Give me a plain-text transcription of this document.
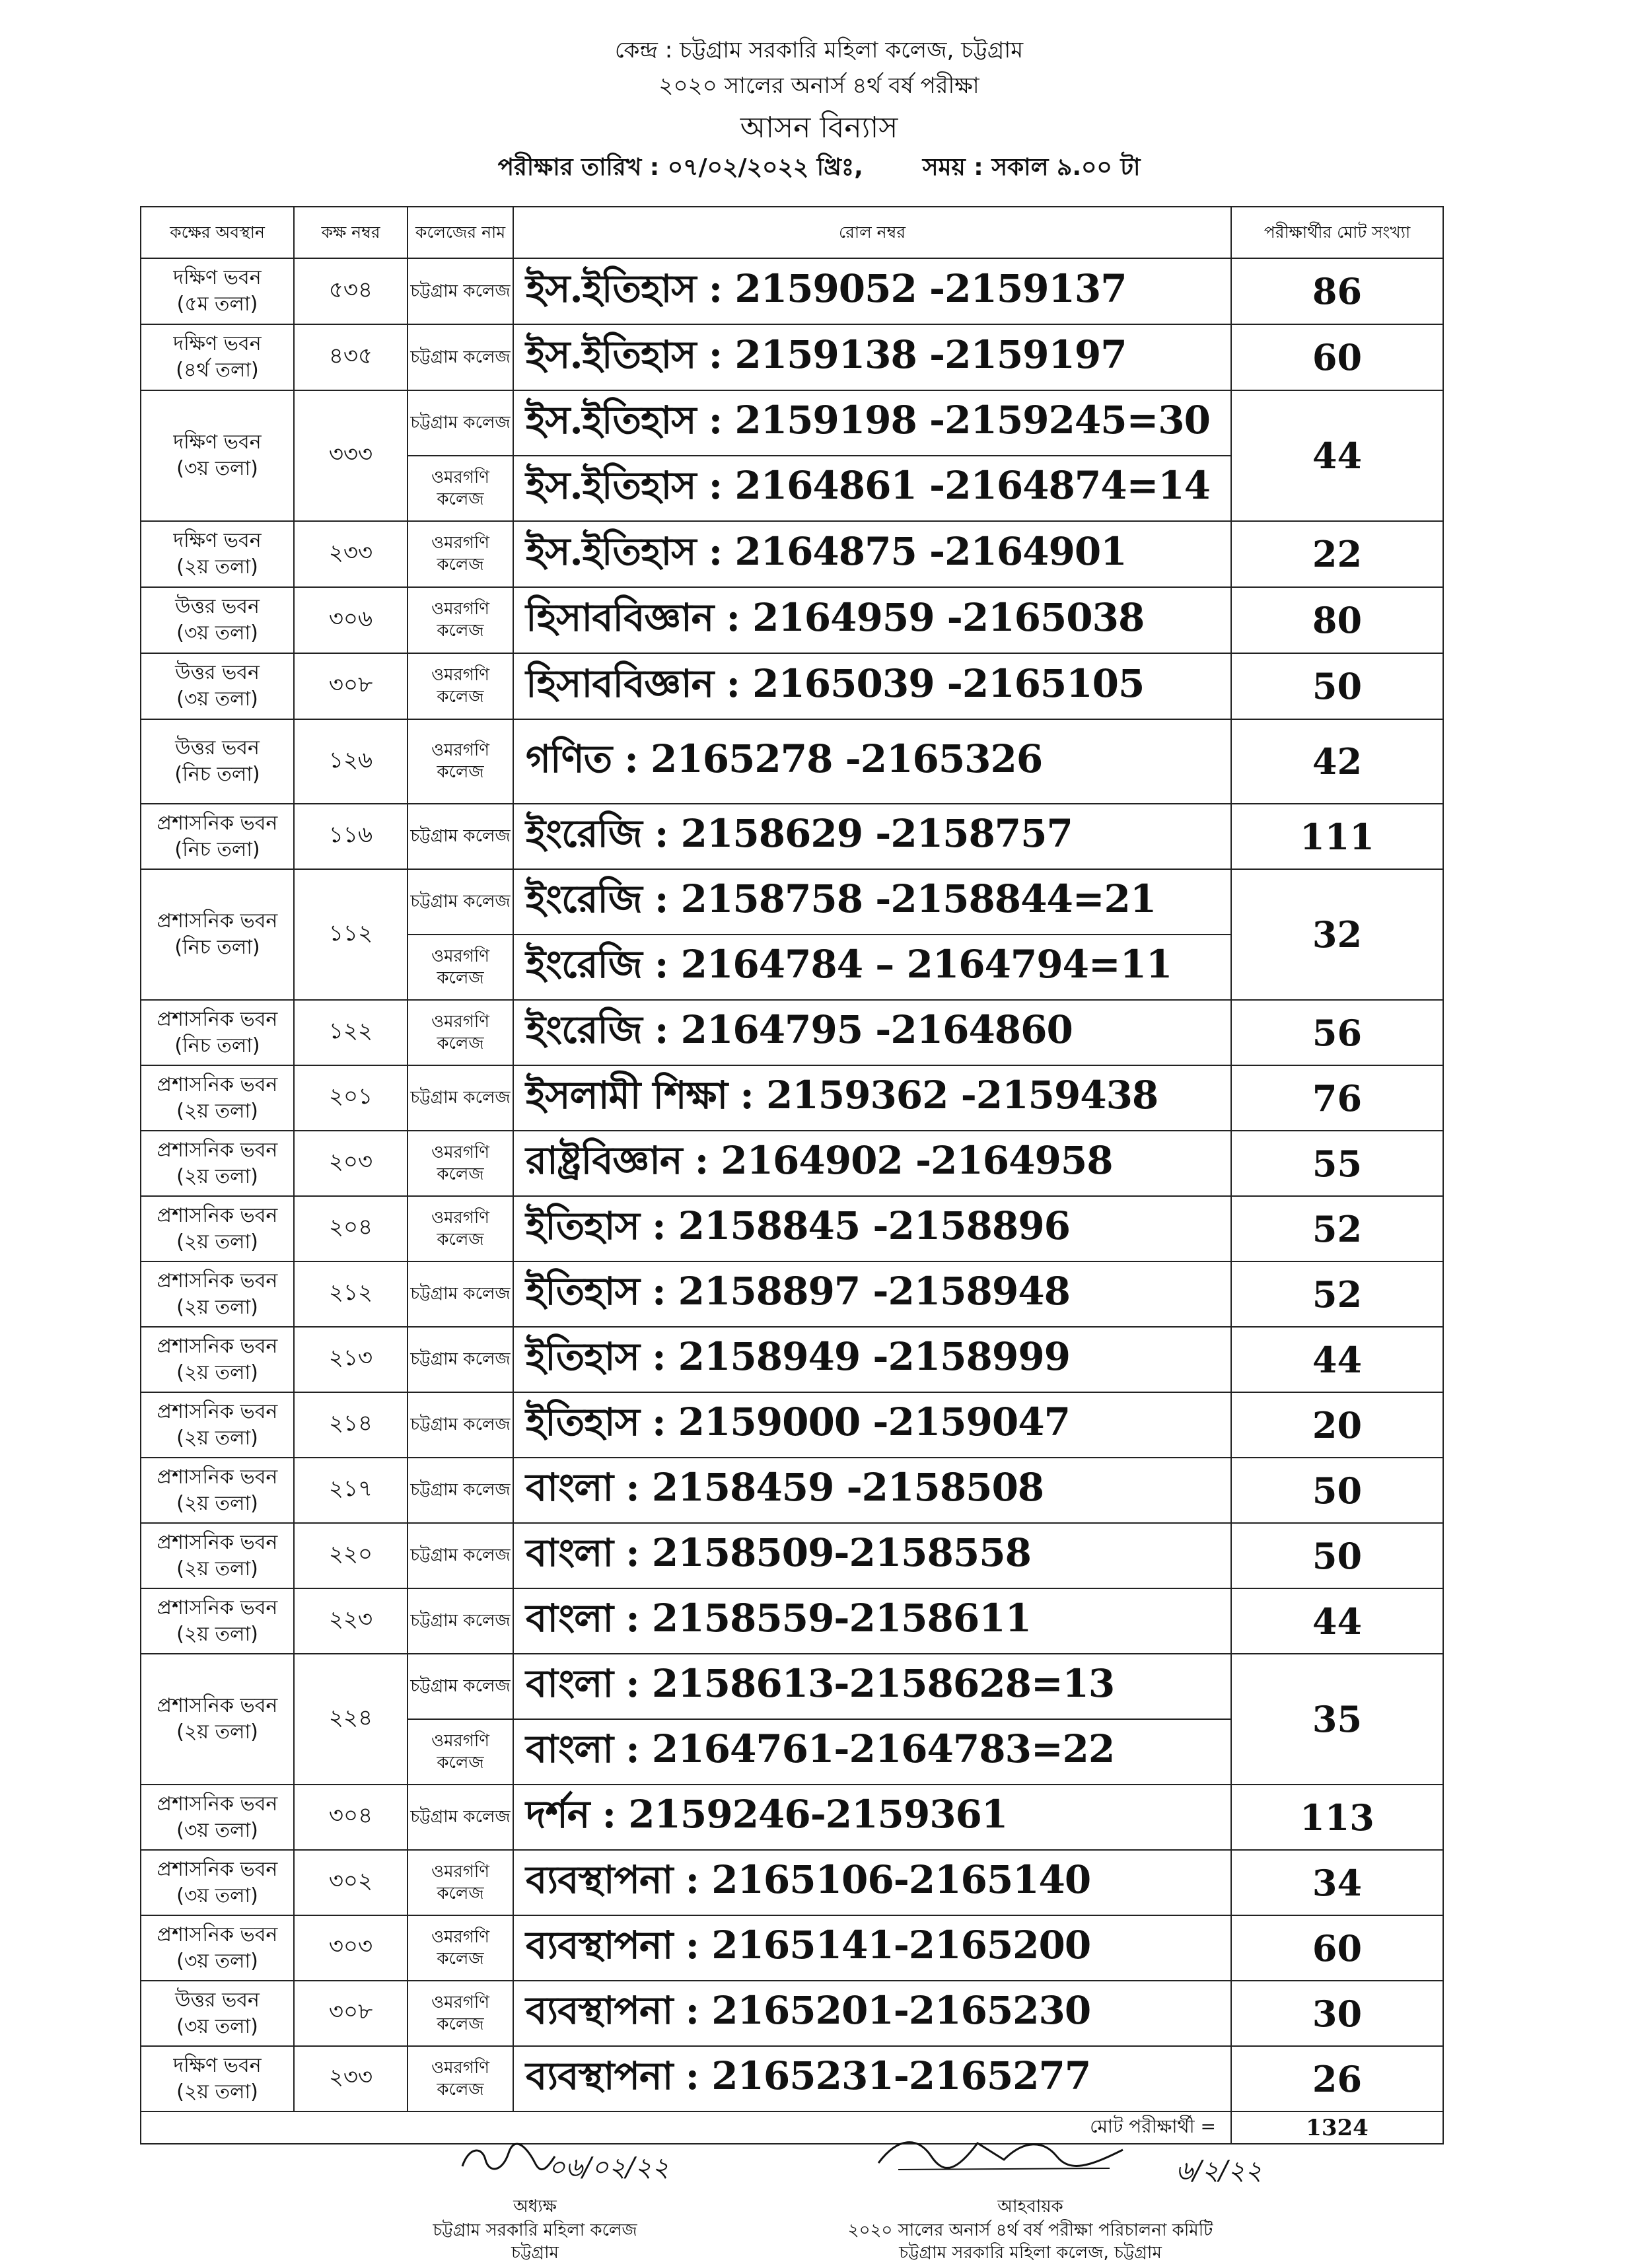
কেন্দ্র : চট্টগ্রাম সরকারি মহিলা কলেজ, চট্টগ্রাম
২০২০ সালের অনার্স ৪র্থ বর্ষ পরীক্ষা
আসন বিন্যাস
পরীক্ষার তারিখ : ০৭/০২/২০২২ খ্রিঃ,	সময় : সকাল ৯.০০ টা
কক্ষের অবস্থান	কক্ষ নম্বর	কলেজের নাম	রোল নম্বর	পরীক্ষার্থীর মোট সংখ্যা
দক্ষিণ ভবন
(৫ম তলা)	৫৩৪	চট্টগ্রাম কলেজ	ইস.ইতিহাস : 2159052 -2159137	86
দক্ষিণ ভবন
(৪র্থ তলা)	৪৩৫	চট্টগ্রাম কলেজ	ইস.ইতিহাস : 2159138 -2159197	60
দক্ষিণ ভবন
(৩য় তলা)	৩৩৩	চট্টগ্রাম কলেজ	ইস.ইতিহাস : 2159198 -2159245=30	44
		ওমরগণি কলেজ	ইস.ইতিহাস : 2164861 -2164874=14	
দক্ষিণ ভবন
(২য় তলা)	২৩৩	ওমরগণি কলেজ	ইস.ইতিহাস : 2164875 -2164901	22
উত্তর ভবন
(৩য় তলা)	৩০৬	ওমরগণি কলেজ	হিসাববিজ্ঞান : 2164959 -2165038	80
উত্তর ভবন
(৩য় তলা)	৩০৮	ওমরগণি কলেজ	হিসাববিজ্ঞান : 2165039 -2165105	50
উত্তর ভবন
(নিচ তলা)	১২৬	ওমরগণি কলেজ	গণিত : 2165278 -2165326	42
প্রশাসনিক ভবন
(নিচ তলা)	১১৬	চট্টগ্রাম কলেজ	ইংরেজি : 2158629 -2158757	111
প্রশাসনিক ভবন
(নিচ তলা)	১১২	চট্টগ্রাম কলেজ	ইংরেজি : 2158758 -2158844=21	32
		ওমরগণি কলেজ	ইংরেজি : 2164784 – 2164794=11	
প্রশাসনিক ভবন
(নিচ তলা)	১২২	ওমরগণি কলেজ	ইংরেজি : 2164795 -2164860	56
প্রশাসনিক ভবন
(২য় তলা)	২০১	চট্টগ্রাম কলেজ	ইসলামী শিক্ষা : 2159362 -2159438	76
প্রশাসনিক ভবন
(২য় তলা)	২০৩	ওমরগণি কলেজ	রাষ্ট্রবিজ্ঞান : 2164902 -2164958	55
প্রশাসনিক ভবন
(২য় তলা)	২০৪	ওমরগণি কলেজ	ইতিহাস : 2158845 -2158896	52
প্রশাসনিক ভবন
(২য় তলা)	২১২	চট্টগ্রাম কলেজ	ইতিহাস : 2158897 -2158948	52
প্রশাসনিক ভবন
(২য় তলা)	২১৩	চট্টগ্রাম কলেজ	ইতিহাস : 2158949 -2158999	44
প্রশাসনিক ভবন
(২য় তলা)	২১৪	চট্টগ্রাম কলেজ	ইতিহাস : 2159000 -2159047	20
প্রশাসনিক ভবন
(২য় তলা)	২১৭	চট্টগ্রাম কলেজ	বাংলা : 2158459 -2158508	50
প্রশাসনিক ভবন
(২য় তলা)	২২০	চট্টগ্রাম কলেজ	বাংলা : 2158509-2158558	50
প্রশাসনিক ভবন
(২য় তলা)	২২৩	চট্টগ্রাম কলেজ	বাংলা : 2158559-2158611	44
প্রশাসনিক ভবন
(২য় তলা)	২২৪	চট্টগ্রাম কলেজ	বাংলা : 2158613-2158628=13	35
		ওমরগণি কলেজ	বাংলা : 2164761-2164783=22	
প্রশাসনিক ভবন
(৩য় তলা)	৩০৪	চট্টগ্রাম কলেজ	দর্শন : 2159246-2159361	113
প্রশাসনিক ভবন
(৩য় তলা)	৩০২	ওমরগণি কলেজ	ব্যবস্থাপনা : 2165106-2165140	34
প্রশাসনিক ভবন
(৩য় তলা)	৩০৩	ওমরগণি কলেজ	ব্যবস্থাপনা : 2165141-2165200	60
উত্তর ভবন
(৩য় তলা)	৩০৮	ওমরগণি কলেজ	ব্যবস্থাপনা : 2165201-2165230	30
দক্ষিণ ভবন
(২য় তলা)	২৩৩	ওমরগণি কলেজ	ব্যবস্থাপনা : 2165231-2165277	26
মোট পরীক্ষার্থী =				1324
০৬/০২/২২
অধ্যক্ষ
চট্টগ্রাম সরকারি মহিলা কলেজ
চট্টগ্রাম
৬/২/২২
আহবায়ক
২০২০ সালের অনার্স ৪র্থ বর্ষ পরীক্ষা পরিচালনা কমিটি
চট্টগ্রাম সরকারি মহিলা কলেজ, চট্টগ্রাম
